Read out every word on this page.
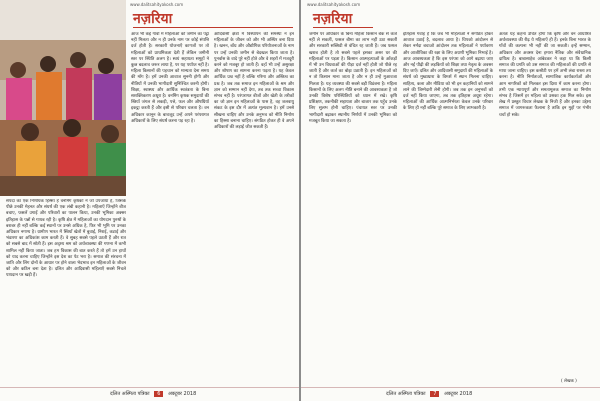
www.dalitsahityakosh.com
नज़रिया

संपदा का एक निर्णायक हिस्सा है वनमिंग कृषकों ने जो उपजाया है, जिसके पीछे उनकी मेहनत और संघर्ष की एक लंबी कहानी है। महिलाएँ जिन्होंने बीज बचाए, फसलें उगाईं और परिवारों का पालन किया, उनकी भूमिका अक्सर इतिहास के पन्नों से गायब रही है। कृषि क्षेत्र में महिलाओं का योगदान पुरुषों के बराबर ही नहीं बल्कि कई स्थानों पर उनसे अधिक है, फिर भी भूमि पर उनका अधिकार नगण्य है। ग्रामीण भारत में स्त्रियाँ खेतों में बुवाई, निराई, कटाई और भंडारण का अधिकांश काम करती हैं। वे सुबह सबसे पहले उठती हैं और रात को सबसे बाद में सोती हैं। इस अदृश्य श्रम को अर्थव्यवस्था की गणना में कभी शामिल नहीं किया जाता। जब हम विकास की बात करते हैं तो हमें उन हाथों को याद करना चाहिए जिन्होंने इस देश का पेट भरा है। समाज की संरचना में जाति और लिंग दोनों के आधार पर होने वाला भेदभाव इन महिलाओं के जीवन को और कठिन बना देता है। दलित और आदिवासी महिलाएँ सबसे निचले पायदान पर खड़ी हैं।

आज भी कई गाँवों में महिलाओं को जमीन का पट्टा नहीं मिलता और न ही उनके नाम पर कोई संपत्ति दर्ज होती है। सरकारी योजनाएँ कागजों पर तो महिलाओं को प्राथमिकता देती हैं लेकिन जमीनी स्तर पर स्थिति अलग है। स्वयं सहायता समूहों ने कुछ बदलाव जरूर लाया है, पर यह पर्याप्त नहीं है। महिला किसानों की पहचान को मान्यता देना समय की माँग है। हमें उनकी आवाज सुननी होगी और नीतियों में उनकी भागीदारी सुनिश्चित करनी होगी। शिक्षा, स्वास्थ्य और आर्थिक स्वतंत्रता के बिना सशक्तिकरण अधूरा है। वनमिंग कृषक समुदायों की स्त्रियाँ जंगल से लकड़ी, पत्ते, फल और औषधियाँ इकट्ठा करती हैं और इसी से परिवार चलता है। वन अधिकार कानून के बावजूद उन्हें अपने परंपरागत अधिकारों के लिए संघर्ष करना पड़ रहा है।

आदिवासी क्षेत्रों में विस्थापन की समस्या ने इन महिलाओं के जीवन को और भी अस्थिर बना दिया है। खनन, बाँध और औद्योगिक परियोजनाओं के नाम पर उन्हें उनकी जमीन से बेदखल किया जाता है। पुनर्वास के वादे पूरे नहीं होते और वे शहरों में मजदूरी करने को मजबूर हो जाती हैं। वहाँ भी उन्हें असुरक्षा और शोषण का सामना करना पड़ता है। यह केवल आर्थिक प्रश्न नहीं है बल्कि गरिमा और अस्तित्व का प्रश्न है। जब तक समाज इन महिलाओं के श्रम और ज्ञान को सम्मान नहीं देगा, तब तक सच्चा विकास संभव नहीं है। परंपरागत बीजों और खेती के तरीकों का जो ज्ञान इन महिलाओं के पास है, वह जलवायु संकट के इस दौर में अत्यंत मूल्यवान है। हमें उनसे सीखना चाहिए और उनके अनुभव को नीति निर्माण का हिस्सा बनाना चाहिए। संगठित होकर ही वे अपने अधिकारों की लड़ाई जीत सकती हैं।

दलित अस्मिता पत्रिका 6 अक्टूबर 2018
www.dalitsahityakosh.com
नज़रिया

जमीन पर अधिकार के बिना महिला किसान बैंक से कर्ज नहीं ले सकतीं, फसल बीमा का लाभ नहीं उठा सकतीं और सरकारी सब्सिडी से वंचित रह जाती हैं। जब फसल खराब होती है तो सबसे पहले इसका असर घर की महिलाओं पर पड़ता है। किसान आत्महत्याओं के आँकड़ों में भी उन विधवाओं की पीड़ा दर्ज नहीं होती जो पीछे रह जाती हैं और कर्ज का बोझ उठाती हैं। इन महिलाओं को न तो किसान माना जाता है और न ही उन्हें मुआवजा मिलता है। यह व्यवस्था की सबसे बड़ी विडंबना है। महिला किसानों के लिए अलग नीति बनाने की आवश्यकता है जो उनकी विशेष परिस्थितियों को ध्यान में रखे। कृषि प्रशिक्षण, तकनीकी सहायता और बाजार तक पहुँच उनके लिए सुलभ होनी चाहिए। पंचायत स्तर पर उनकी भागीदारी बढ़ाकर स्थानीय निर्णयों में उनकी भूमिका को मजबूत किया जा सकता है।

इतिहास गवाह है कि जब भी महिलाओं ने संगठित होकर आवाज उठाई है, बदलाव आया है। चिपको आंदोलन से लेकर नर्मदा बचाओ आंदोलन तक महिलाओं ने पर्यावरण और आजीविका की रक्षा के लिए अग्रणी भूमिका निभाई है। आज आवश्यकता है कि इस परंपरा को आगे बढ़ाया जाए और नई पीढ़ी की लड़कियों को शिक्षा तथा नेतृत्व के अवसर दिए जाएँ। दलित और आदिवासी समुदायों की महिलाओं के संघर्ष को मुख्यधारा के विमर्श में स्थान मिलना चाहिए। साहित्य, कला और मीडिया को भी इन कहानियों को सामने लाने की जिम्मेदारी लेनी होगी। जब तक इन अनुभवों को दर्ज नहीं किया जाएगा, तब तक इतिहास अधूरा रहेगा। महिलाओं की आर्थिक आत्मनिर्भरता केवल उनके परिवार के लिए ही नहीं बल्कि पूरे समाज के लिए लाभकारी है।

अंततः यह कहना उचित होगा कि कृषि और वन आधारित अर्थव्यवस्था की रीढ़ ये महिलाएँ ही हैं। इनके बिना भारत के गाँवों की कल्पना भी नहीं की जा सकती। इन्हें सम्मान, अधिकार और अवसर देना हमारा नैतिक और संवैधानिक दायित्व है। बाबासाहेब आंबेडकर ने कहा था कि किसी समाज की प्रगति को उस समाज की महिलाओं की प्रगति से मापा जाना चाहिए। इस कसौटी पर हमें अभी लंबा रास्ता तय करना है। नीति निर्माताओं, सामाजिक कार्यकर्ताओं और आम नागरिकों को मिलकर इस दिशा में काम करना होगा। तभी एक न्यायपूर्ण और समतामूलक समाज का निर्माण संभव है जिसमें हर महिला को उसका हक मिल सके। इस लेख में प्रस्तुत विचार लेखक के निजी हैं और इनका उद्देश्य समाज में जागरूकता फैलाना है ताकि इन मुद्दों पर गंभीर चर्चा हो सके।

( लेखक )
दलित अस्मिता पत्रिका 7 अक्टूबर 2018
